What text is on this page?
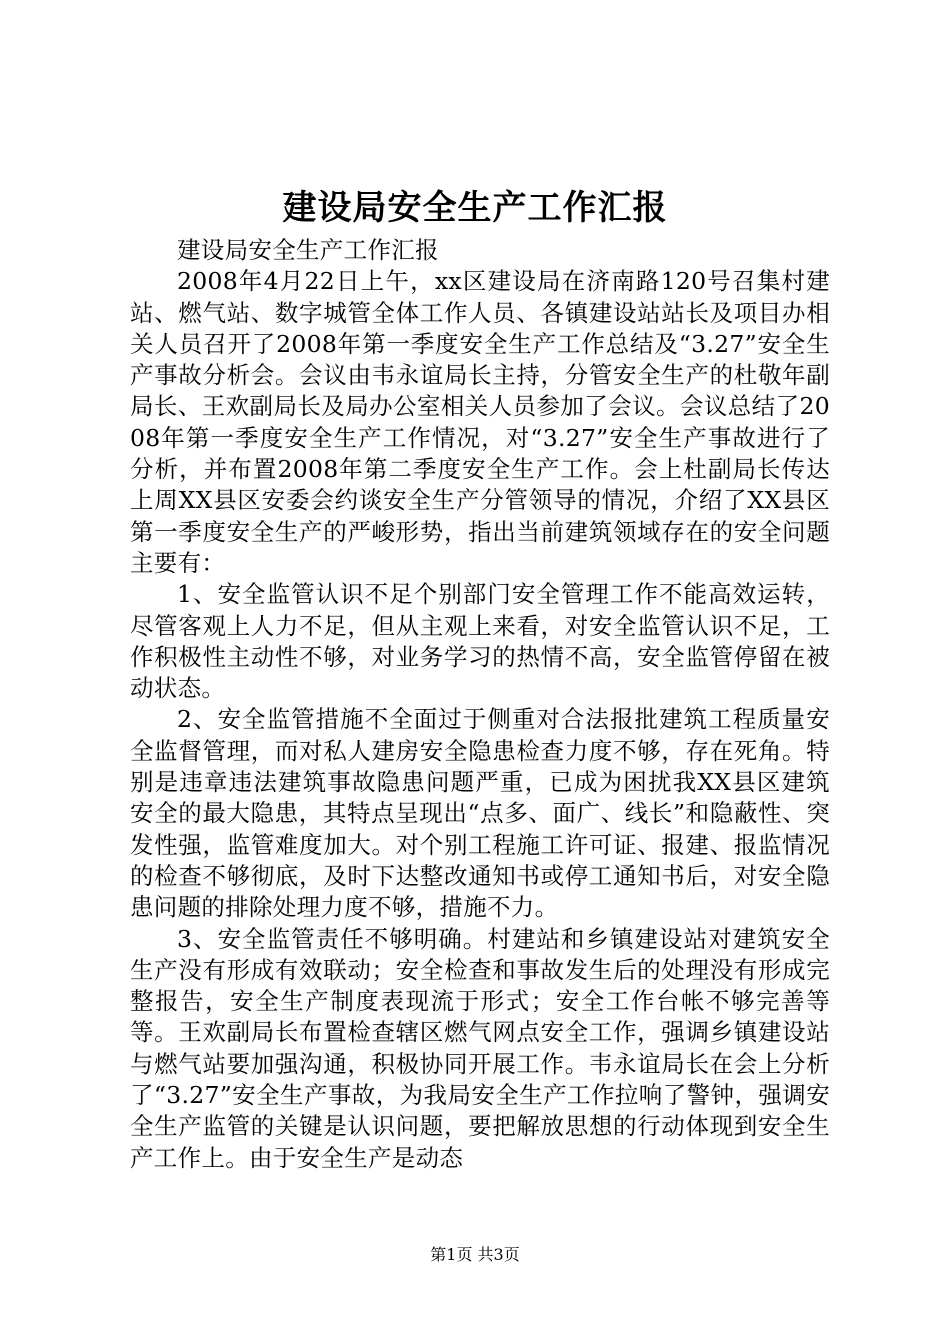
建设局安全生产工作汇报

建设局安全生产工作汇报

2008年4月22日上午，xx区建设局在济南路120号召集村建站、燃气站、数字城管全体工作人员、各镇建设站站长及项目办相关人员召开了2008年第一季度安全生产工作总结及“3.27”安全生产事故分析会。会议由韦永谊局长主持，分管安全生产的杜敬年副局长、王欢副局长及局办公室相关人员参加了会议。会议总结了2008年第一季度安全生产工作情况，对“3.27”安全生产事故进行了分析，并布置2008年第二季度安全生产工作。会上杜副局长传达上周XX县区安委会约谈安全生产分管领导的情况，介绍了XX县区第一季度安全生产的严峻形势，指出当前建筑领域存在的安全问题主要有：

1、安全监管认识不足个别部门安全管理工作不能高效运转，尽管客观上人力不足，但从主观上来看，对安全监管认识不足，工作积极性主动性不够，对业务学习的热情不高，安全监管停留在被动状态。

2、安全监管措施不全面过于侧重对合法报批建筑工程质量安全监督管理，而对私人建房安全隐患检查力度不够，存在死角。特别是违章违法建筑事故隐患问题严重，已成为困扰我XX县区建筑安全的最大隐患，其特点呈现出“点多、面广、线长”和隐蔽性、突发性强，监管难度加大。对个别工程施工许可证、报建、报监情况的检查不够彻底，及时下达整改通知书或停工通知书后，对安全隐患问题的排除处理力度不够，措施不力。

3、安全监管责任不够明确。村建站和乡镇建设站对建筑安全生产没有形成有效联动；安全检查和事故发生后的处理没有形成完整报告，安全生产制度表现流于形式；安全工作台帐不够完善等等。王欢副局长布置检查辖区燃气网点安全工作，强调乡镇建设站与燃气站要加强沟通，积极协同开展工作。韦永谊局长在会上分析了“3.27”安全生产事故，为我局安全生产工作拉响了警钟，强调安全生产监管的关键是认识问题，要把解放思想的行动体现到安全生产工作上。由于安全生产是动态

第1页 共3页
